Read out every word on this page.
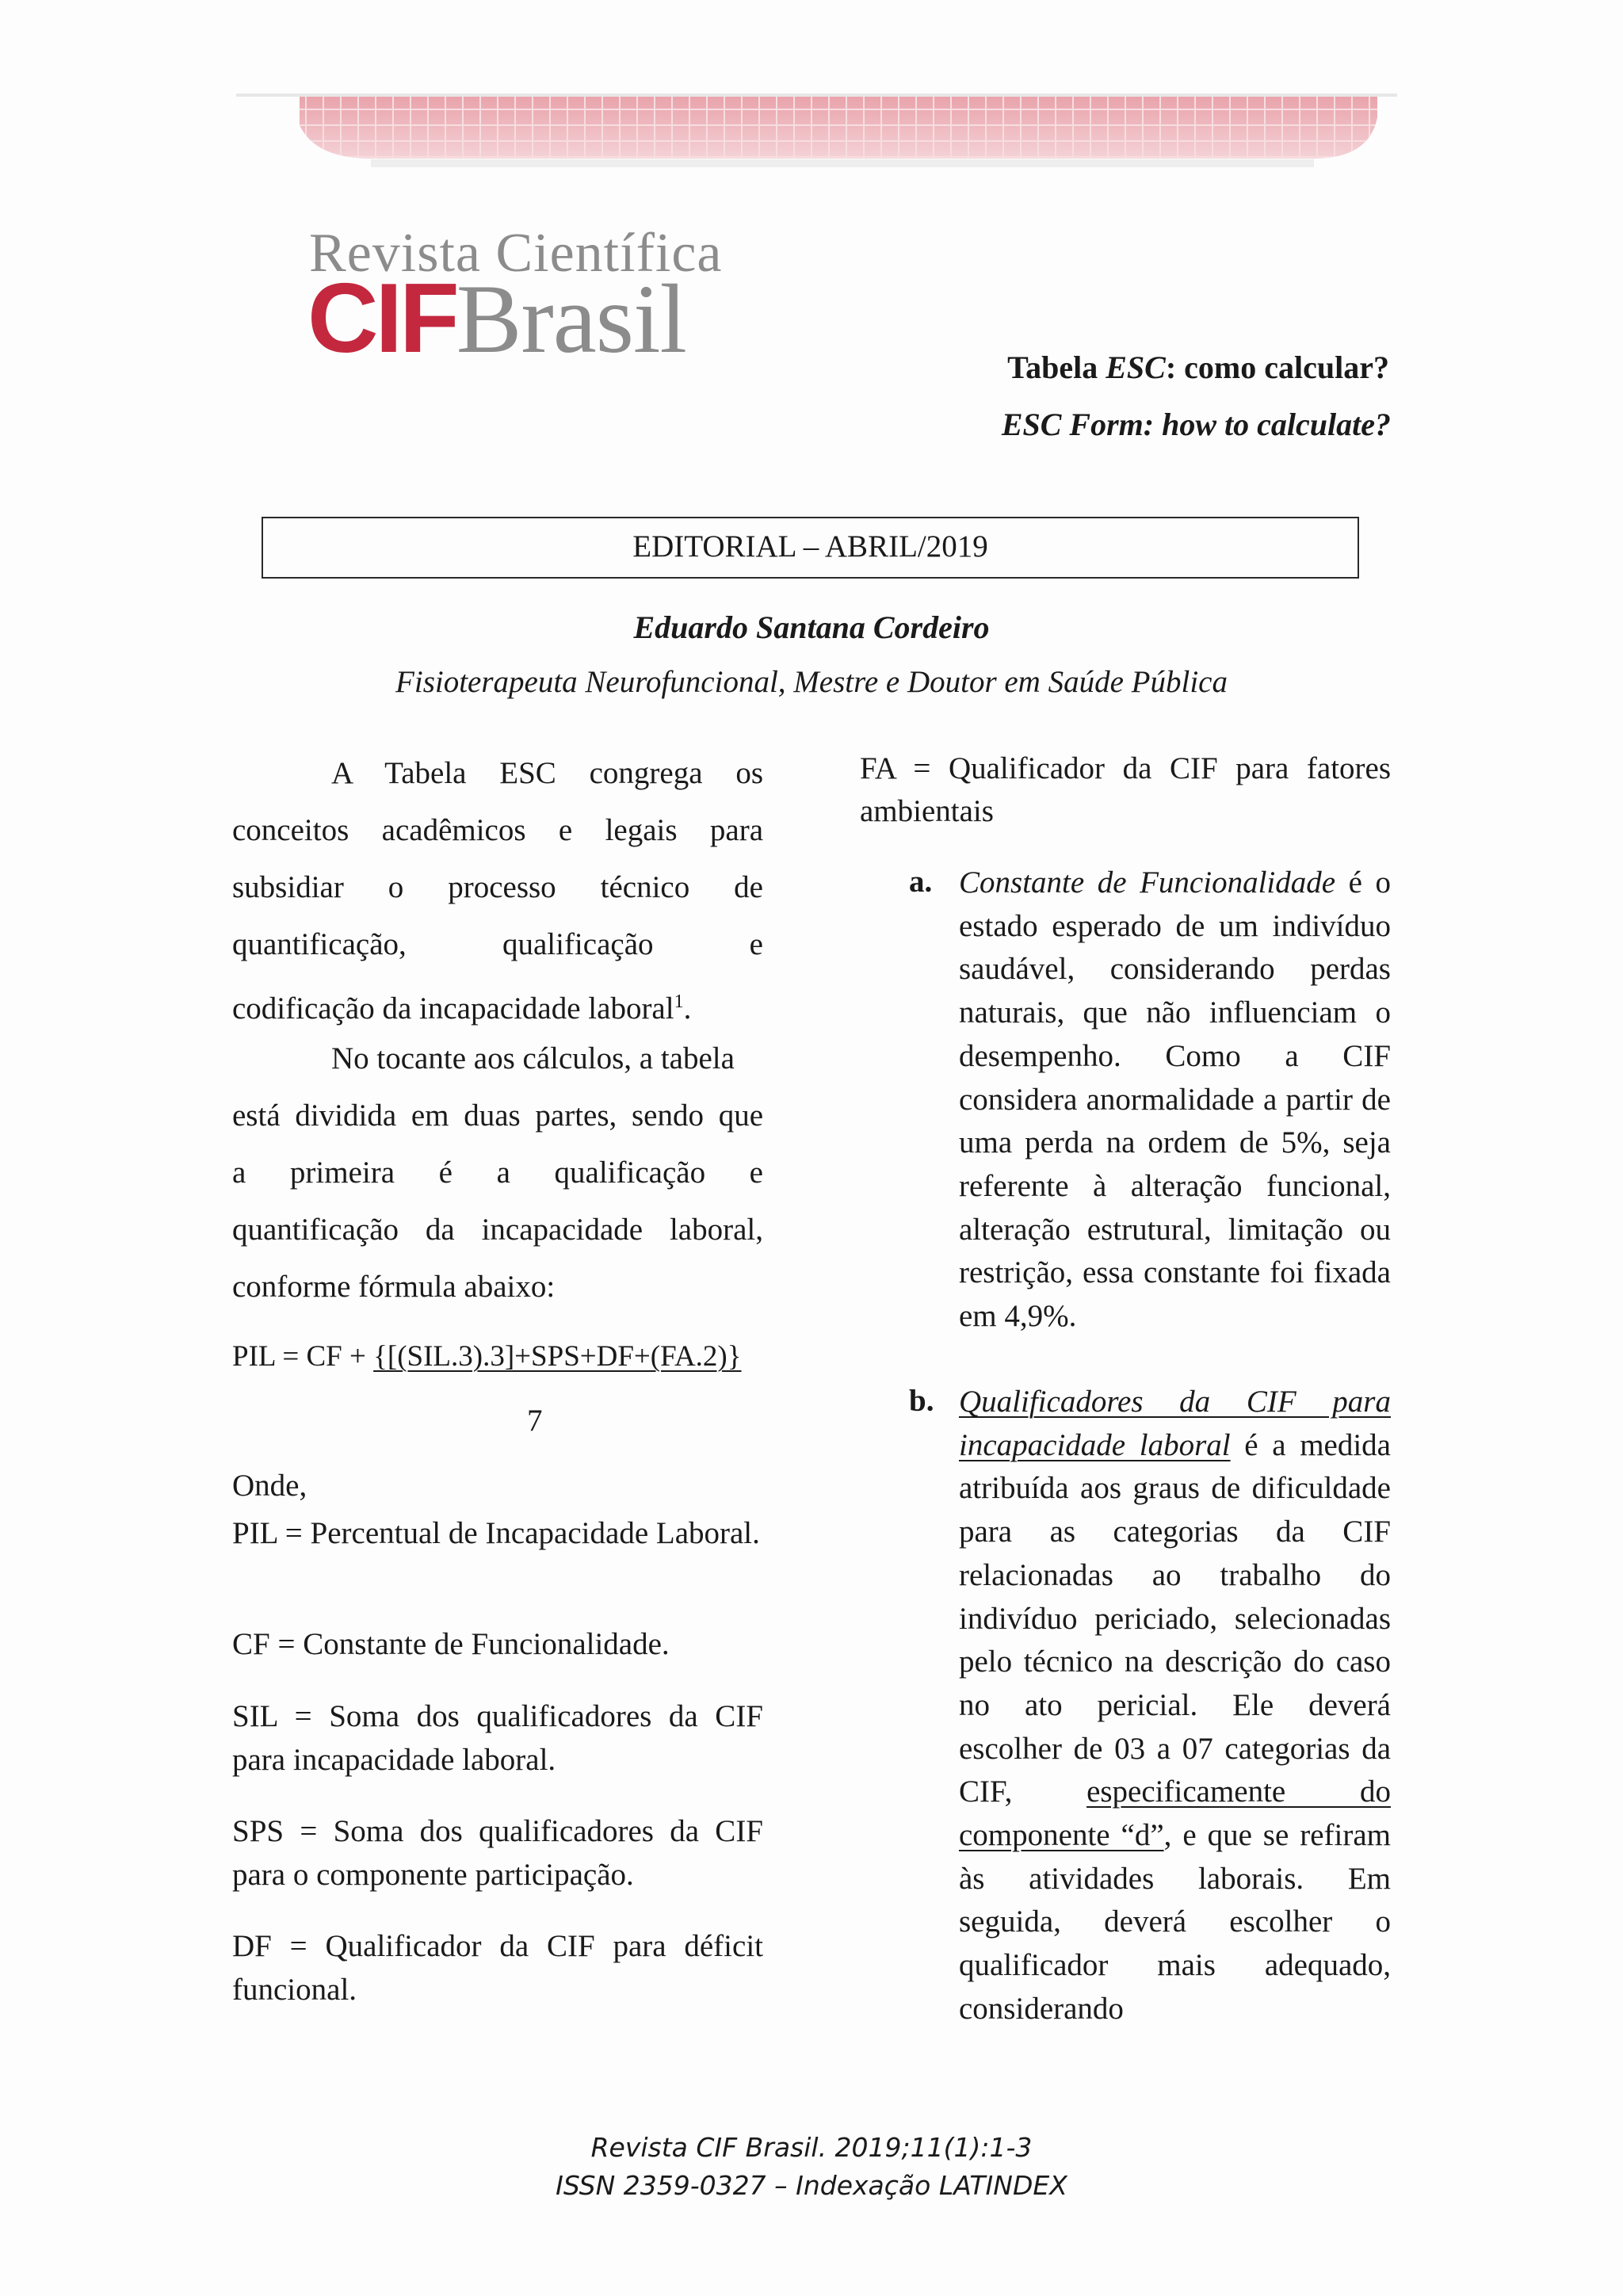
Revista Científica
CIFBrasil	Tabela ESC: como calcular?
ESC Form: how to calculate?
EDITORIAL – ABRIL/2019
Eduardo Santana Cordeiro
Fisioterapeuta Neurofuncional, Mestre e Doutor em Saúde Pública
A Tabela ESC congrega os
conceitos acadêmicos e legais para
subsidiar o processo técnico de
quantificação, qualificação e
codificação da incapacidade laboral$^1$.
No tocante aos cálculos, a tabela
está dividida em duas partes, sendo que
a primeira é a qualificação e
quantificação da incapacidade laboral,
conforme fórmula abaixo:
PIL = CF + {[(SIL.3).3]+SPS+DF+(FA.2)}
7
Onde,
PIL = Percentual de Incapacidade Laboral.
CF = Constante de Funcionalidade.
SIL = Soma dos qualificadores da CIF para incapacidade laboral.
SPS = Soma dos qualificadores da CIF para o componente participação.
DF = Qualificador da CIF para déficit funcional.
FA = Qualificador da CIF para fatores ambientais
a. Constante de Funcionalidade é o estado esperado de um indivíduo saudável, considerando perdas naturais, que não influenciam o desempenho. Como a CIF considera anormalidade a partir de uma perda na ordem de 5%, seja referente à alteração funcional, alteração estrutural, limitação ou restrição, essa constante foi fixada em 4,9%.
b. Qualificadores da CIF para incapacidade laboral é a medida atribuída aos graus de dificuldade para as categorias da CIF relacionadas ao trabalho do indivíduo periciado, selecionadas pelo técnico na descrição do caso no ato pericial. Ele deverá escolher de 03 a 07 categorias da CIF, especificamente do componente “d”, e que se refiram às atividades laborais. Em seguida, deverá escolher o qualificador mais adequado, considerando
Revista CIF Brasil. 2019;11(1):1-3
ISSN 2359-0327 – Indexação LATINDEX
